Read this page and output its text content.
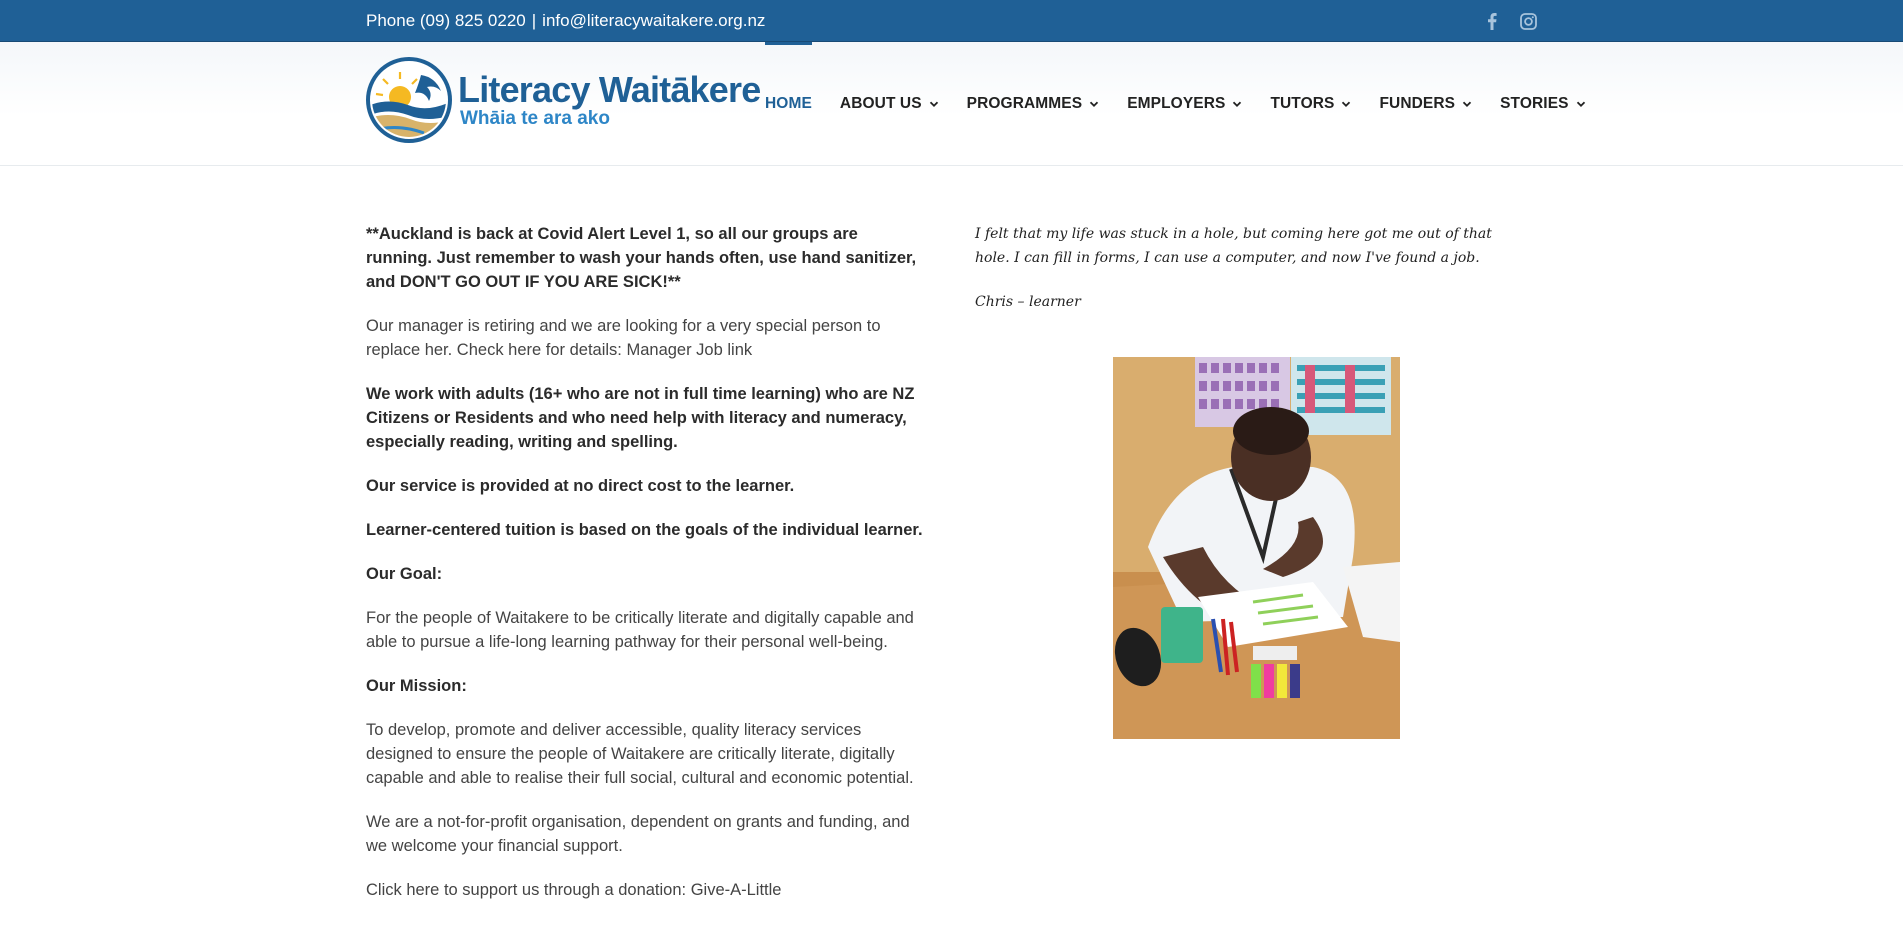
Phone (09) 825 0220 | info@literacywaitakere.org.nz
Literacy Waitākere
Whāia te ara ako
HOME ABOUT US	PROGRAMMES	EMPLOYERS	TUTORS	FUNDERS	STORIES

**Auckland is back at Covid Alert Level 1, so all our groups are running. Just remember to wash your hands often, use hand sanitizer, and DON'T GO OUT IF YOU ARE SICK!**

Our manager is retiring and we are looking for a very special person to replace her. Check here for details: Manager Job link

We work with adults (16+ who are not in full time learning) who are NZ Citizens or Residents and who need help with literacy and numeracy, especially reading, writing and spelling.

Our service is provided at no direct cost to the learner.

Learner-centered tuition is based on the goals of the individual learner.

Our Goal:

For the people of Waitakere to be critically literate and digitally capable and able to pursue a life-long learning pathway for their personal well-being.

Our Mission:

To develop, promote and deliver accessible, quality literacy services designed to ensure the people of Waitakere are critically literate, digitally capable and able to realise their full social, cultural and economic potential.

We are a not-for-profit organisation, dependent on grants and funding, and we welcome your financial support.

Click here to support us through a donation: Give-A-Little

I felt that my life was stuck in a hole, but coming here got me out of that hole. I can fill in forms, I can use a computer, and now I've found a job.

Chris – learner
